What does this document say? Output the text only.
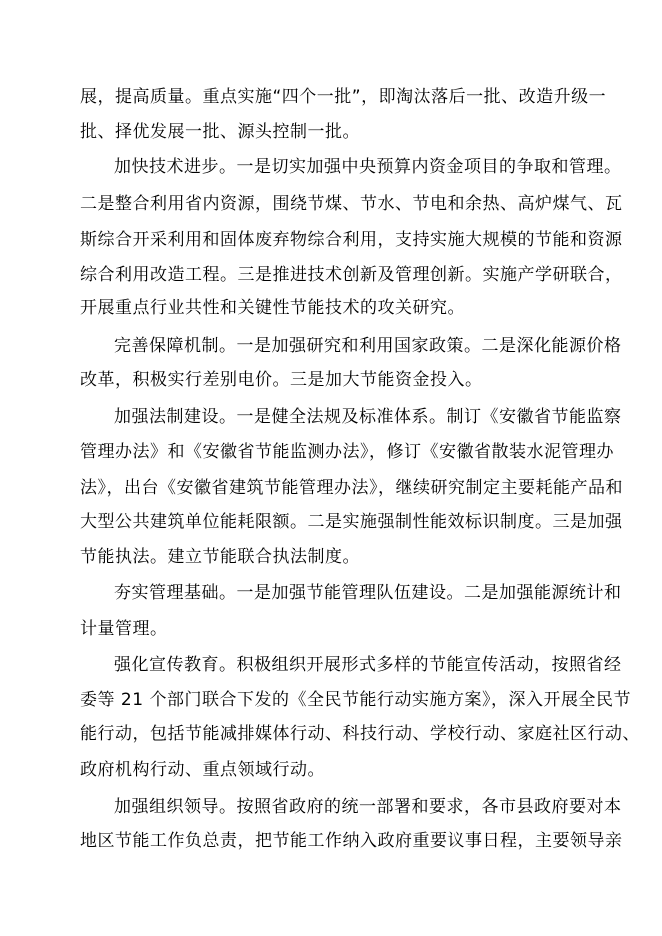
展，提高质量。重点实施“四个一批”，即淘汰落后一批、改造升级一
批、择优发展一批、源头控制一批。
加快技术进步。一是切实加强中央预算内资金项目的争取和管理。
二是整合利用省内资源，围绕节煤、节水、节电和余热、高炉煤气、瓦
斯综合开采利用和固体废弃物综合利用，支持实施大规模的节能和资源
综合利用改造工程。三是推进技术创新及管理创新。实施产学研联合，
开展重点行业共性和关键性节能技术的攻关研究。
完善保障机制。一是加强研究和利用国家政策。二是深化能源价格
改革，积极实行差别电价。三是加大节能资金投入。
加强法制建设。一是健全法规及标准体系。制订《安徽省节能监察
管理办法》和《安徽省节能监测办法》，修订《安徽省散装水泥管理办
法》，出台《安徽省建筑节能管理办法》，继续研究制定主要耗能产品和
大型公共建筑单位能耗限额。二是实施强制性能效标识制度。三是加强
节能执法。建立节能联合执法制度。
夯实管理基础。一是加强节能管理队伍建设。二是加强能源统计和
计量管理。
强化宣传教育。积极组织开展形式多样的节能宣传活动，按照省经
委等 21 个部门联合下发的《全民节能行动实施方案》，深入开展全民节
能行动，包括节能减排媒体行动、科技行动、学校行动、家庭社区行动、
政府机构行动、重点领域行动。
加强组织领导。按照省政府的统一部署和要求，各市县政府要对本
地区节能工作负总责，把节能工作纳入政府重要议事日程，主要领导亲
